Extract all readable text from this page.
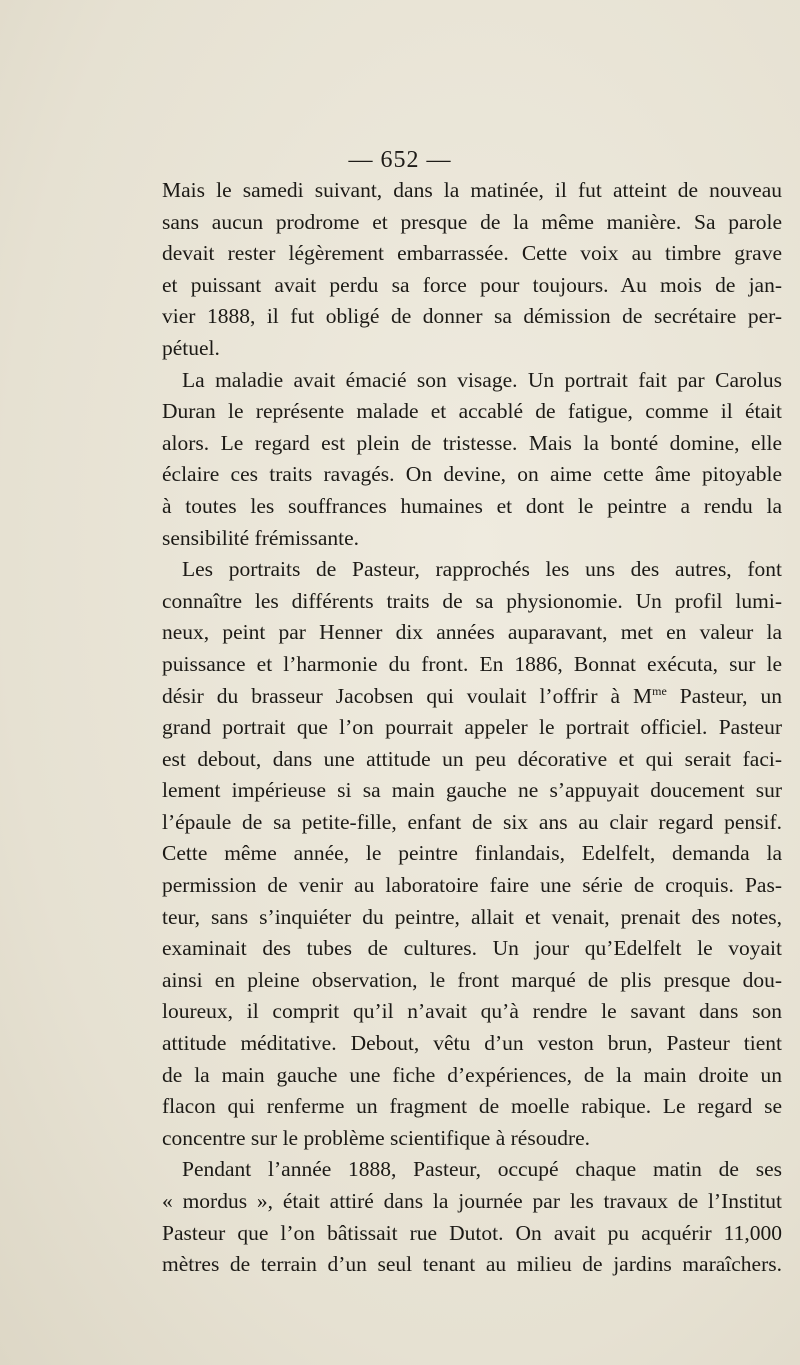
— 652 —
Mais le samedi suivant, dans la matinée, il fut atteint de nouveau
sans aucun prodrome et presque de la même manière. Sa parole
devait rester légèrement embarrassée. Cette voix au timbre grave
et puissant avait perdu sa force pour toujours. Au mois de jan-
vier 1888, il fut obligé de donner sa démission de secrétaire per-
pétuel.
La maladie avait émacié son visage. Un portrait fait par Carolus
Duran le représente malade et accablé de fatigue, comme il était
alors. Le regard est plein de tristesse. Mais la bonté domine, elle
éclaire ces traits ravagés. On devine, on aime cette âme pitoyable
à toutes les souffrances humaines et dont le peintre a rendu la
sensibilité frémissante.
Les portraits de Pasteur, rapprochés les uns des autres, font
connaître les différents traits de sa physionomie. Un profil lumi-
neux, peint par Henner dix années auparavant, met en valeur la
puissance et l’harmonie du front. En 1886, Bonnat exécuta, sur le
désir du brasseur Jacobsen qui voulait l’offrir à $M^{me}$ Pasteur, un
grand portrait que l’on pourrait appeler le portrait officiel. Pasteur
est debout, dans une attitude un peu décorative et qui serait faci-
lement impérieuse si sa main gauche ne s’appuyait doucement sur
l’épaule de sa petite-fille, enfant de six ans au clair regard pensif.
Cette même année, le peintre finlandais, Edelfelt, demanda la
permission de venir au laboratoire faire une série de croquis. Pas-
teur, sans s’inquiéter du peintre, allait et venait, prenait des notes,
examinait des tubes de cultures. Un jour qu’Edelfelt le voyait
ainsi en pleine observation, le front marqué de plis presque dou-
loureux, il comprit qu’il n’avait qu’à rendre le savant dans son
attitude méditative. Debout, vêtu d’un veston brun, Pasteur tient
de la main gauche une fiche d’expériences, de la main droite un
flacon qui renferme un fragment de moelle rabique. Le regard se
concentre sur le problème scientifique à résoudre.
Pendant l’année 1888, Pasteur, occupé chaque matin de ses
« mordus », était attiré dans la journée par les travaux de l’Institut
Pasteur que l’on bâtissait rue Dutot. On avait pu acquérir 11,000
mètres de terrain d’un seul tenant au milieu de jardins maraîchers.
